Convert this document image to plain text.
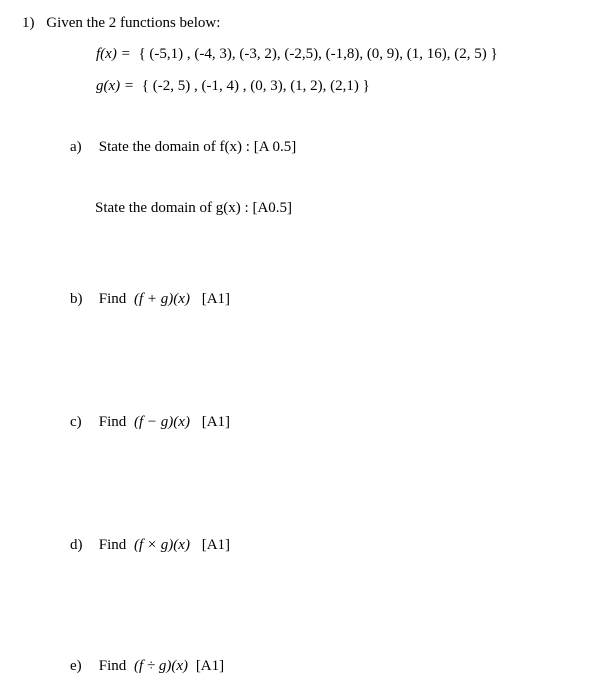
1) Given the 2 functions below:
f(x) = { (-5,1) , (-4, 3), (-3, 2), (-2,5), (-1,8), (0, 9), (1, 16), (2, 5) }
g(x) = { (-2, 5) , (-1, 4) , (0, 3), (1, 2), (2,1) }
a) State the domain of f(x) : [A 0.5]
State the domain of g(x) : [A0.5]
b) Find (f + g)(x) [A1]
c) Find (f − g)(x) [A1]
d) Find (f × g)(x) [A1]
e) Find (f ÷ g)(x) [A1]
